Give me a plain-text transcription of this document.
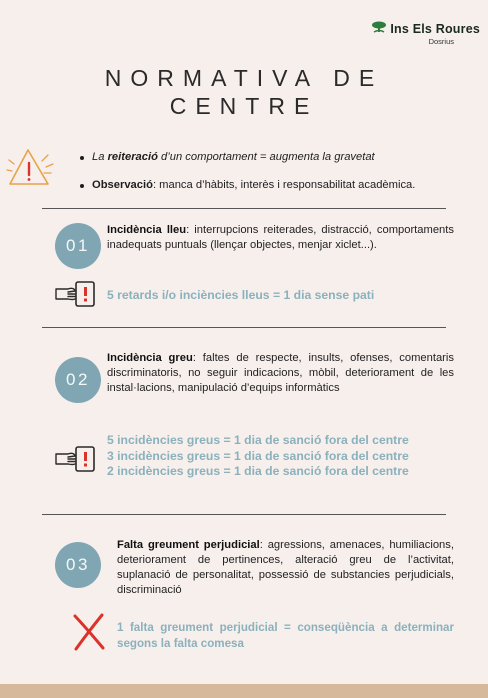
Ins Els Roures
Dosrius
NORMATIVA DE
CENTRE
La reiteració d’un comportament = augmenta la gravetat
Observació: manca d’hàbits, interès i responsabilitat acadèmica.
01
Incidència lleu: interrupcions reiterades, distracció, comportaments inadequats puntuals (llençar objectes, menjar xiclet...).
5 retards i/o inciències lleus = 1 dia sense pati
02
Incidència greu: faltes de respecte, insults, ofenses, comentaris discriminatoris, no seguir indicacions, mòbil, deteriorament de les instal·lacions, manipulació d’equips informàtics
5 incidències greus = 1 dia de sanció fora del centre
3 incidències greus = 1 dia de sanció fora del centre
2 incidències greus = 1 dia de sanció fora del centre
03
Falta greument perjudicial: agressions, amenaces, humiliacions, deteriorament de pertinences, alteració greu de l’activitat, suplanació de personalitat, possessió de substancies perjudicials, discriminació
1 falta greument perjudicial = conseqüència a determinar segons la falta comesa
